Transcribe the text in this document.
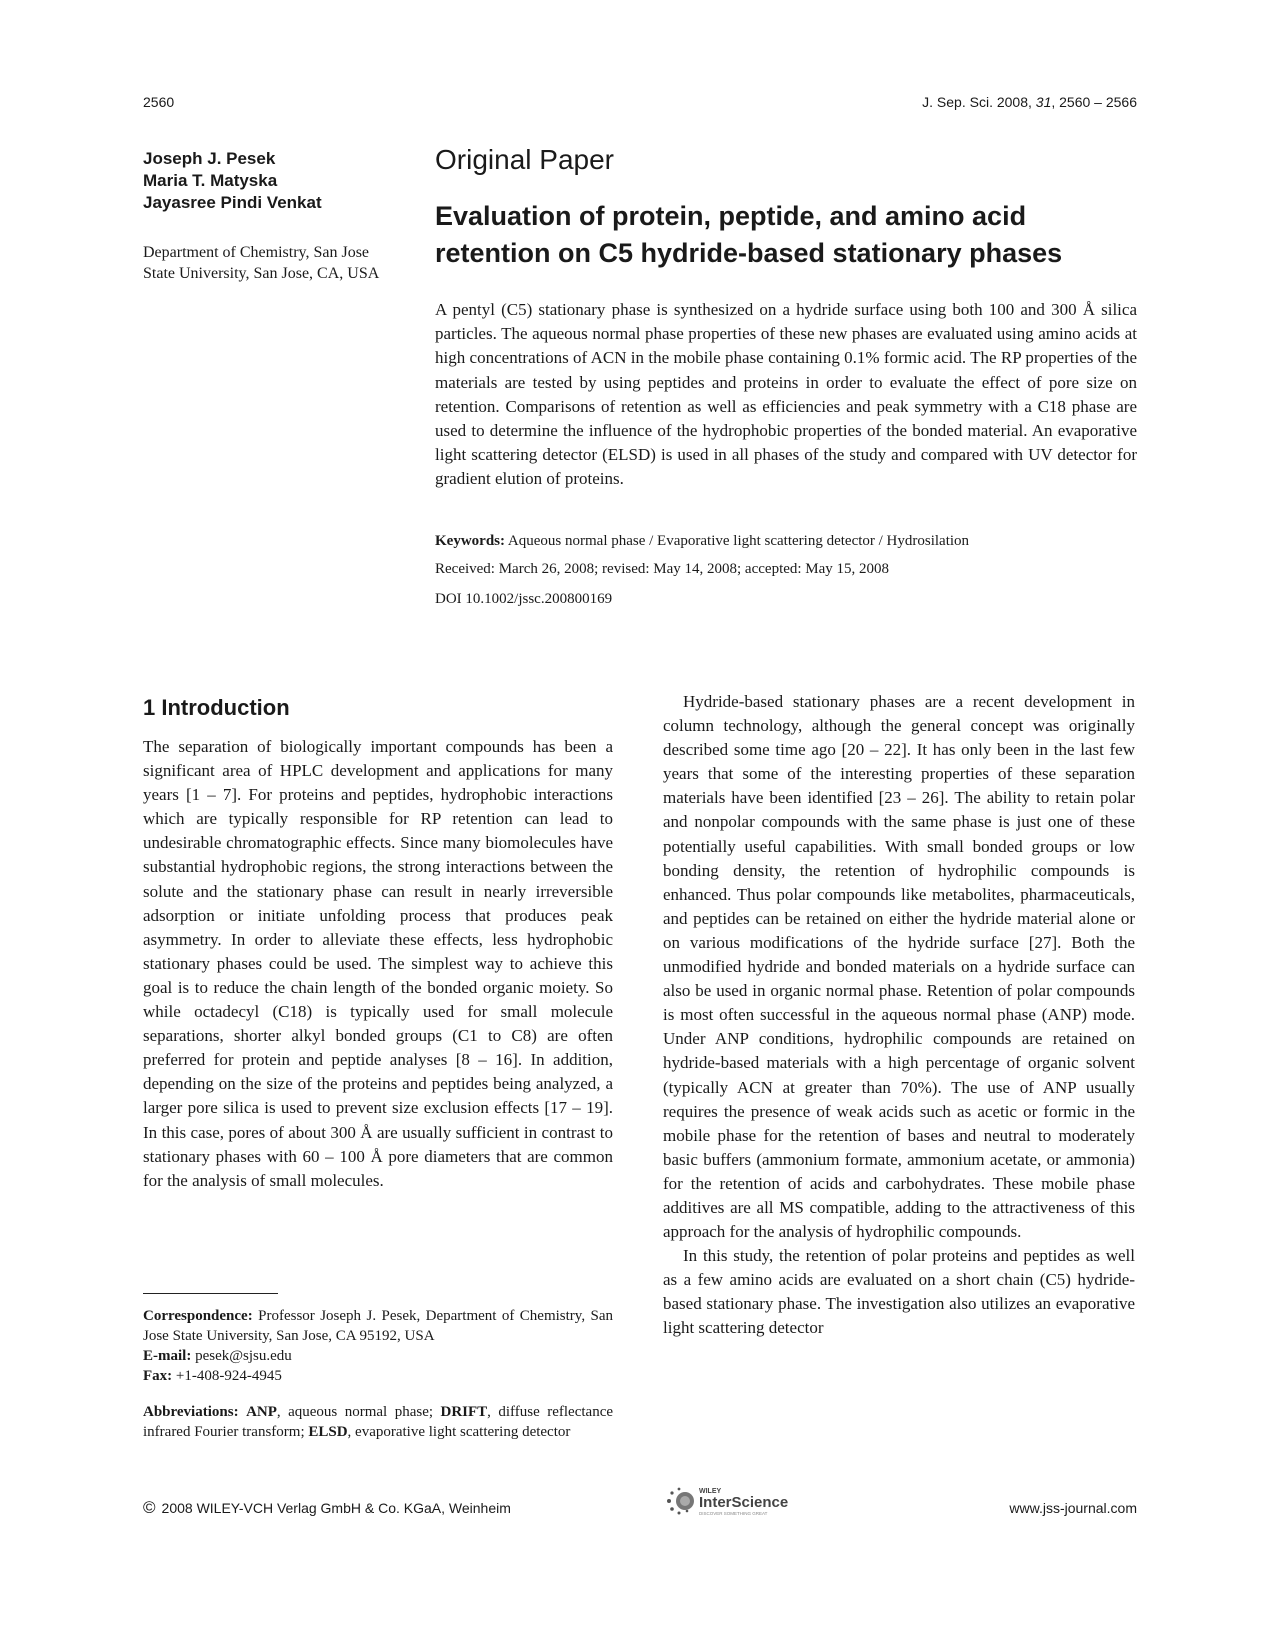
2560	J. Sep. Sci. 2008, 31, 2560 – 2566
Joseph J. Pesek
Maria T. Matyska
Jayasree Pindi Venkat
Department of Chemistry, San Jose State University, San Jose, CA, USA
Original Paper
Evaluation of protein, peptide, and amino acid
retention on C5 hydride-based stationary phases

A pentyl (C5) stationary phase is synthesized on a hydride surface using both 100 and 300 Å silica particles. The aqueous normal phase properties of these new phases are evaluated using amino acids at high concentrations of ACN in the mobile phase containing 0.1% formic acid. The RP properties of the materials are tested by using peptides and proteins in order to evaluate the effect of pore size on retention. Comparisons of retention as well as efficiencies and peak symmetry with a C18 phase are used to determine the influence of the hydrophobic properties of the bonded material. An evaporative light scattering detector (ELSD) is used in all phases of the study and compared with UV detector for gradient elution of proteins.

Keywords: Aqueous normal phase / Evaporative light scattering detector / Hydrosilation
Received: March 26, 2008; revised: May 14, 2008; accepted: May 15, 2008
DOI 10.1002/jssc.200800169
1 Introduction

The separation of biologically important compounds has been a significant area of HPLC development and applications for many years [1 – 7]. For proteins and peptides, hydrophobic interactions which are typically responsible for RP retention can lead to undesirable chromatographic effects. Since many biomolecules have substantial hydrophobic regions, the strong interactions between the solute and the stationary phase can result in nearly irreversible adsorption or initiate unfolding process that produces peak asymmetry. In order to alleviate these effects, less hydrophobic stationary phases could be used. The simplest way to achieve this goal is to reduce the chain length of the bonded organic moiety. So while octadecyl (C18) is typically used for small molecule separations, shorter alkyl bonded groups (C1 to C8) are often preferred for protein and peptide analyses [8 – 16]. In addition, depending on the size of the proteins and peptides being analyzed, a larger pore silica is used to prevent size exclusion effects [17 – 19]. In this case, pores of about 300 Å are usually sufficient in contrast to stationary phases with 60 – 100 Å pore diameters that are common for the analysis of small molecules.

Hydride-based stationary phases are a recent development in column technology, although the general concept was originally described some time ago [20 – 22]. It has only been in the last few years that some of the interesting properties of these separation materials have been identified [23 – 26]. The ability to retain polar and nonpolar compounds with the same phase is just one of these potentially useful capabilities. With small bonded groups or low bonding density, the retention of hydrophilic compounds is enhanced. Thus polar compounds like metabolites, pharmaceuticals, and peptides can be retained on either the hydride material alone or on various modifications of the hydride surface [27]. Both the unmodified hydride and bonded materials on a hydride surface can also be used in organic normal phase. Retention of polar compounds is most often successful in the aqueous normal phase (ANP) mode. Under ANP conditions, hydrophilic compounds are retained on hydride-based materials with a high percentage of organic solvent (typically ACN at greater than 70%). The use of ANP usually requires the presence of weak acids such as acetic or formic in the mobile phase for the retention of bases and neutral to moderately basic buffers (ammonium formate, ammonium acetate, or ammonia) for the retention of acids and carbohydrates. These mobile phase additives are all MS compatible, adding to the attractiveness of this approach for the analysis of hydrophilic compounds.

In this study, the retention of polar proteins and peptides as well as a few amino acids are evaluated on a short chain (C5) hydride-based stationary phase. The investigation also utilizes an evaporative light scattering detector

Correspondence: Professor Joseph J. Pesek, Department of Chemistry, San Jose State University, San Jose, CA 95192, USA
E-mail: pesek@sjsu.edu
Fax: +1-408-924-4945
Abbreviations: ANP, aqueous normal phase; DRIFT, diffuse reflectance infrared Fourier transform; ELSD, evaporative light scattering detector
© 2008 WILEY-VCH Verlag GmbH & Co. KGaA, Weinheim
WILEY
InterScience
DISCOVER SOMETHING GREAT	www.jss-journal.com
